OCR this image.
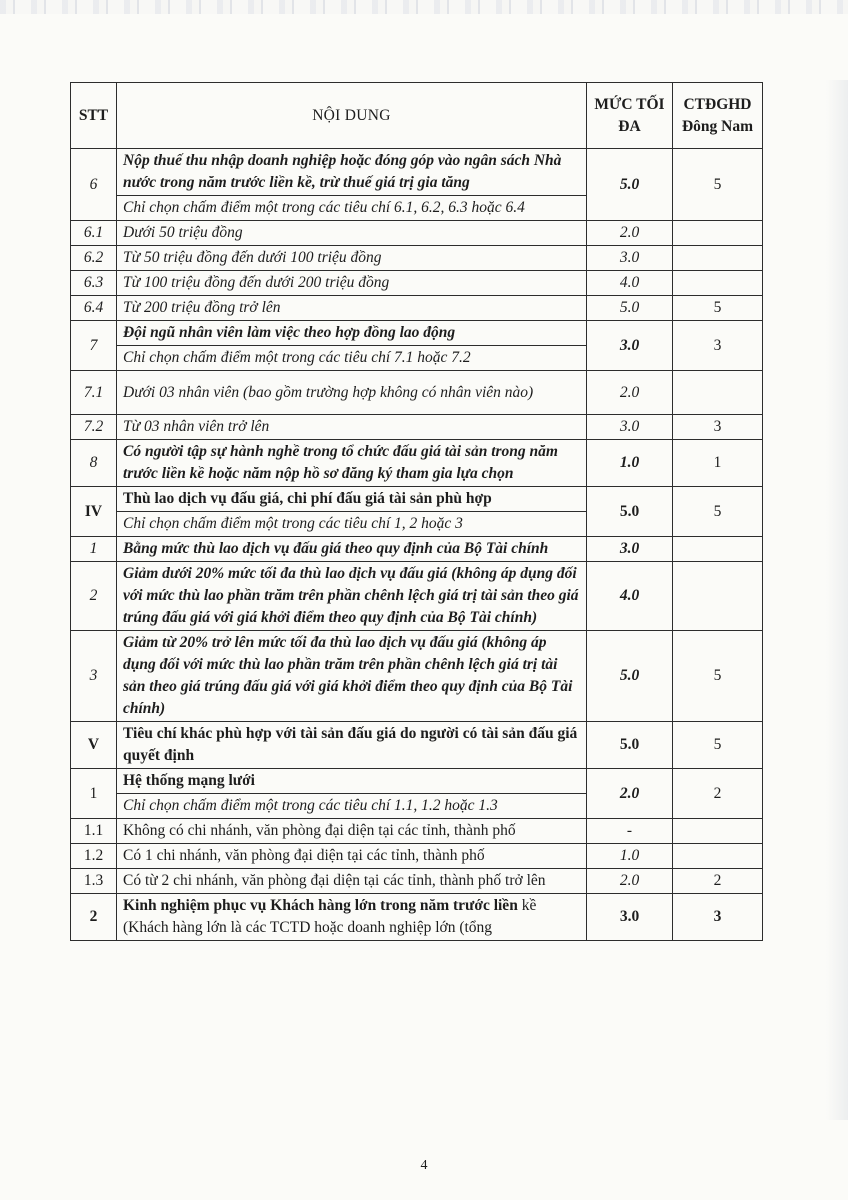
STT	NỘI DUNG	MỨC TỐI ĐA	CTĐGHD Đông Nam
6	Nộp thuế thu nhập doanh nghiệp hoặc đóng góp vào ngân sách Nhà nước trong năm trước liền kề, trừ thuế giá trị gia tăng	5.0	5
	Chỉ chọn chấm điểm một trong các tiêu chí 6.1, 6.2, 6.3 hoặc 6.4		
6.1	Dưới 50 triệu đồng	2.0	
6.2	Từ 50 triệu đồng đến dưới 100 triệu đồng	3.0	
6.3	Từ 100 triệu đồng đến dưới 200 triệu đồng	4.0	
6.4	Từ 200 triệu đồng trở lên	5.0	5
7	Đội ngũ nhân viên làm việc theo hợp đồng lao động	3.0	3
	Chỉ chọn chấm điểm một trong các tiêu chí 7.1 hoặc 7.2		
7.1	Dưới 03 nhân viên (bao gồm trường hợp không có nhân viên nào)	2.0	
7.2	Từ 03 nhân viên trở lên	3.0	3
8	Có người tập sự hành nghề trong tổ chức đấu giá tài sản trong năm trước liền kề hoặc năm nộp hồ sơ đăng ký tham gia lựa chọn	1.0	1
IV	Thù lao dịch vụ đấu giá, chi phí đấu giá tài sản phù hợp	5.0	5
	Chỉ chọn chấm điểm một trong các tiêu chí 1, 2 hoặc 3		
1	Bằng mức thù lao dịch vụ đấu giá theo quy định của Bộ Tài chính	3.0	
2	Giảm dưới 20% mức tối đa thù lao dịch vụ đấu giá (không áp dụng đối với mức thù lao phần trăm trên phần chênh lệch giá trị tài sản theo giá trúng đấu giá với giá khởi điểm theo quy định của Bộ Tài chính)	4.0	
3	Giảm từ 20% trở lên mức tối đa thù lao dịch vụ đấu giá (không áp dụng đối với mức thù lao phần trăm trên phần chênh lệch giá trị tài sản theo giá trúng đấu giá với giá khởi điểm theo quy định của Bộ Tài chính)	5.0	5
V	Tiêu chí khác phù hợp với tài sản đấu giá do người có tài sản đấu giá quyết định	5.0	5
1	Hệ thống mạng lưới	2.0	2
	Chỉ chọn chấm điểm một trong các tiêu chí 1.1, 1.2 hoặc 1.3		
1.1	Không có chi nhánh, văn phòng đại diện tại các tỉnh, thành phố	-	
1.2	Có 1 chi nhánh, văn phòng đại diện tại các tỉnh, thành phố	1.0	
1.3	Có từ 2 chi nhánh, văn phòng đại diện tại các tỉnh, thành phố trở lên	2.0	2
2	Kinh nghiệm phục vụ Khách hàng lớn trong năm trước liền kề (Khách hàng lớn là các TCTD hoặc doanh nghiệp lớn (tổng	3.0	3
4
